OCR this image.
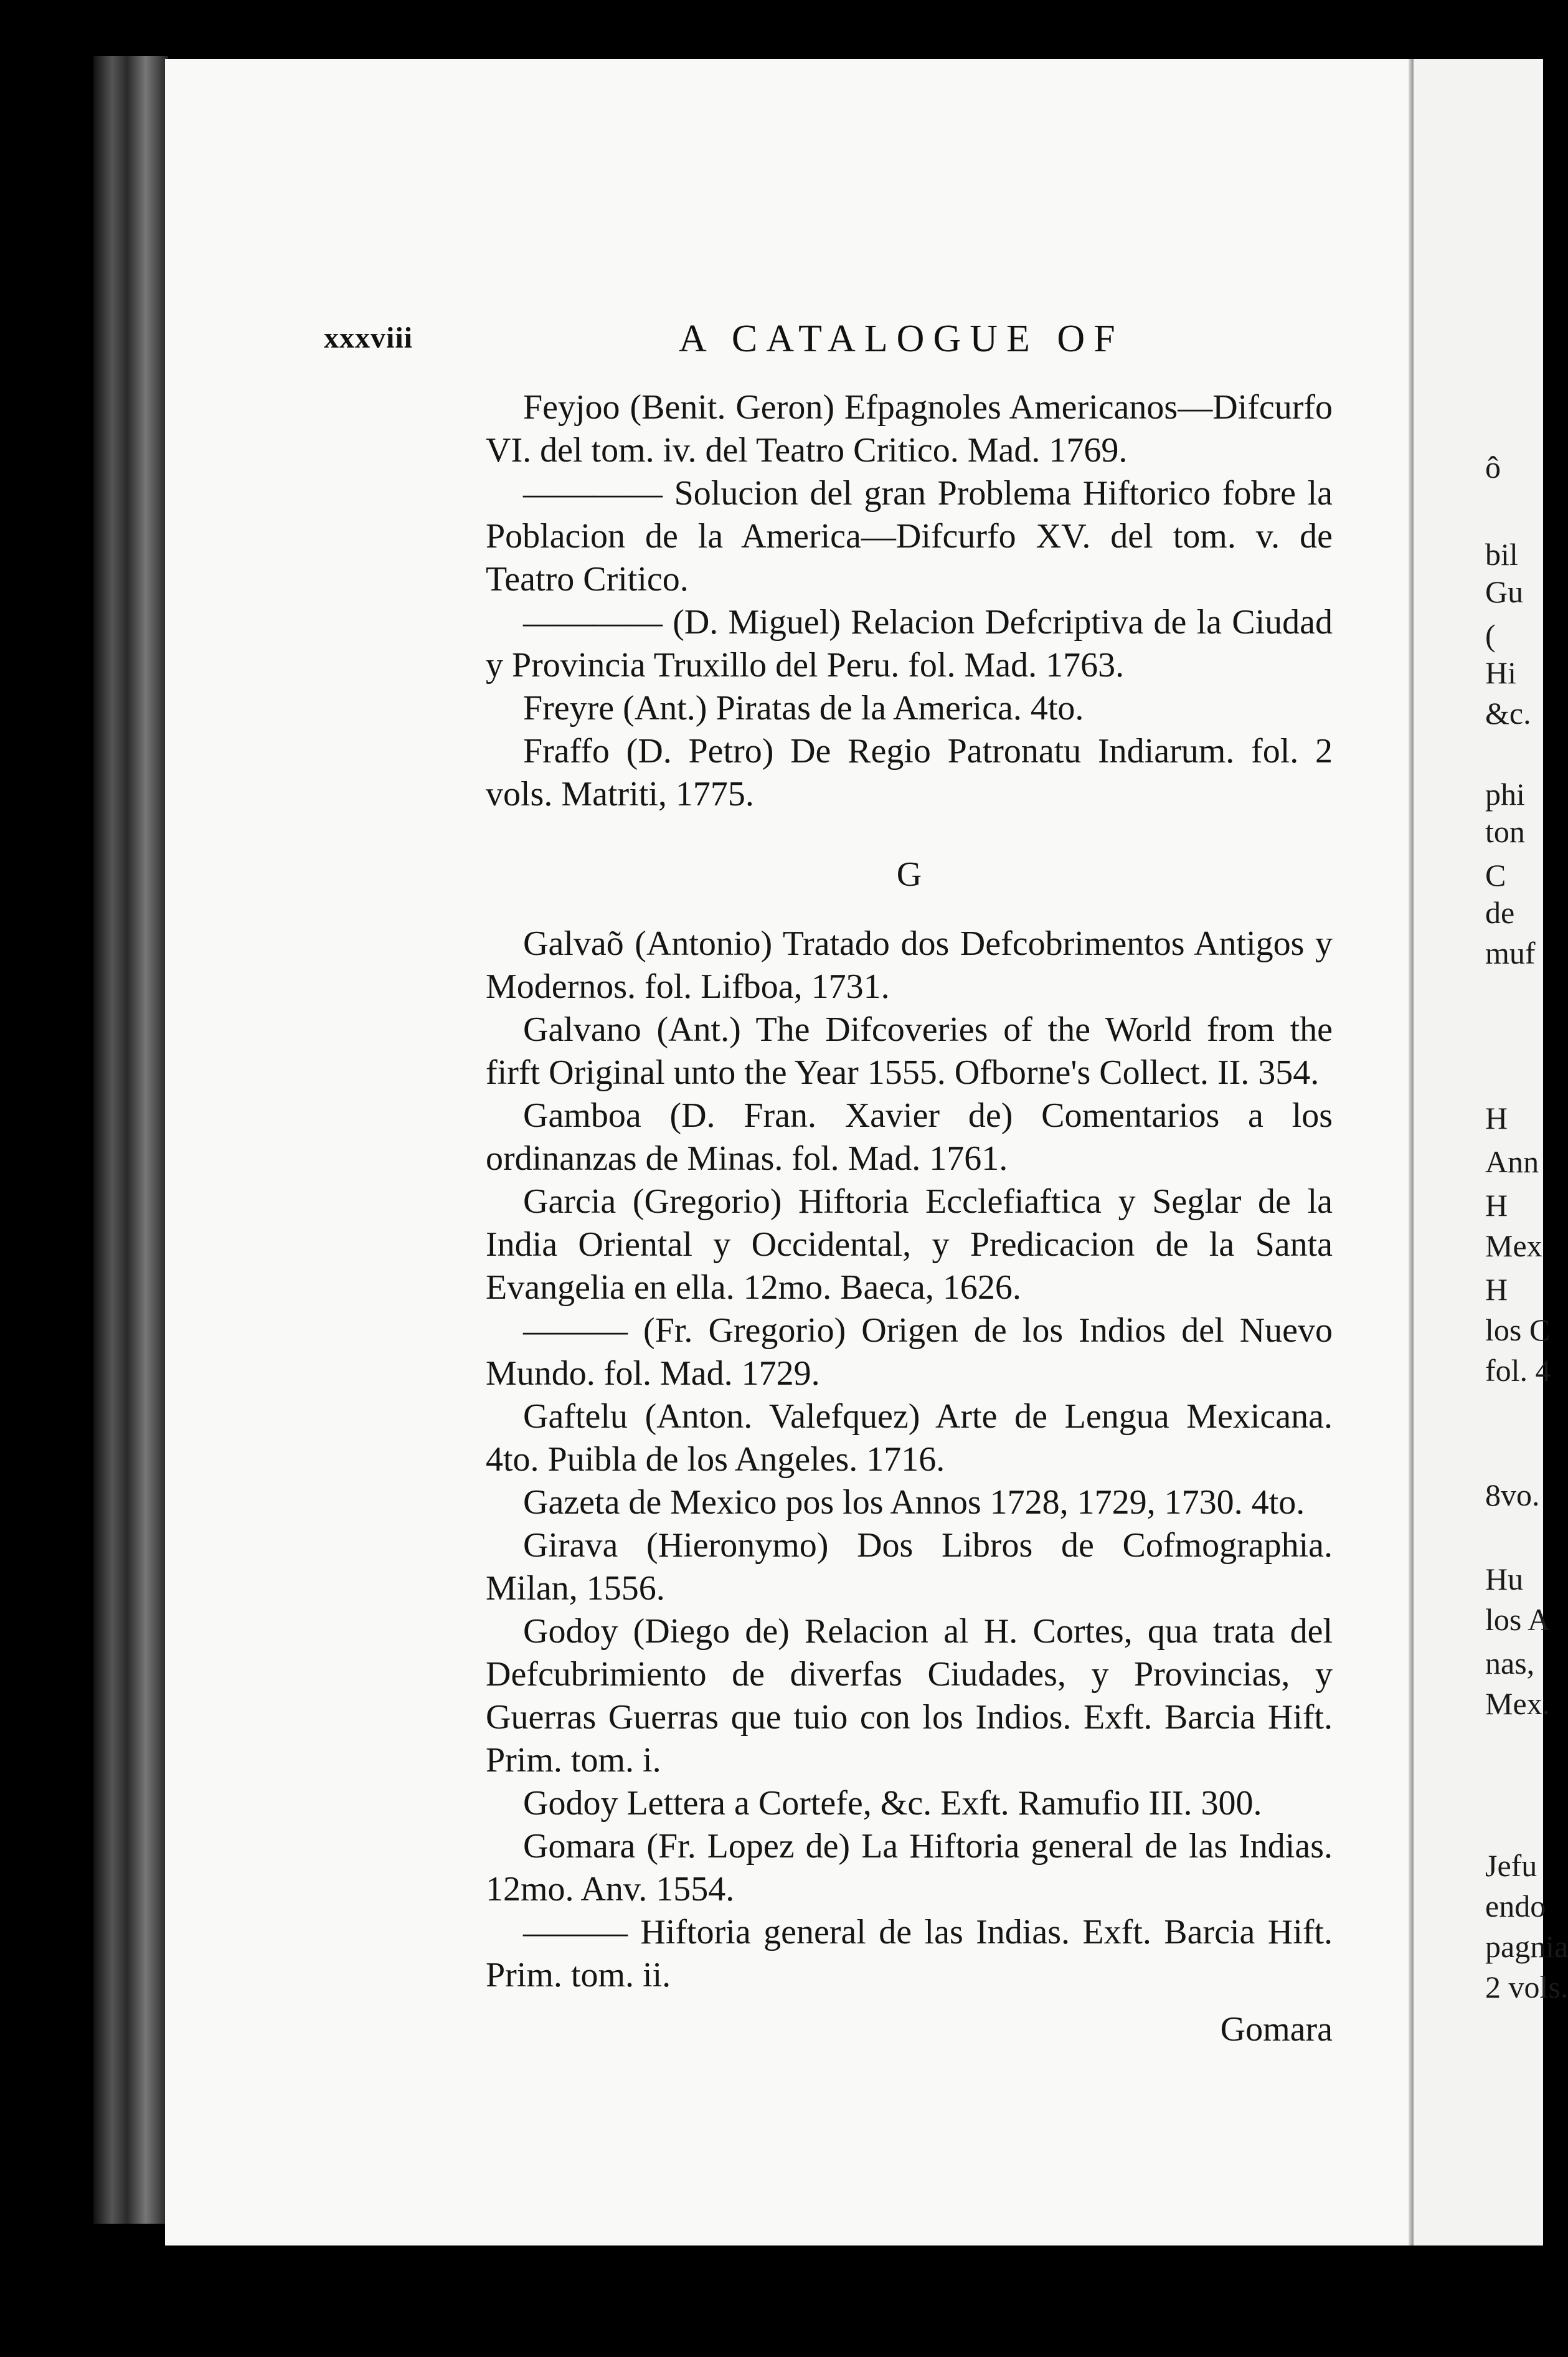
xxxviii	A CATALOGUE OF

Feyjoo (Benit. Geron) Efpagnoles Americanos—Difcurfo VI. del tom. iv. del Teatro Critico. Mad. 1769.

———— Solucion del gran Problema Hiftorico fobre la Poblacion de la America—Difcurfo XV. del tom. v. de Teatro Critico.

———— (D. Miguel) Relacion Defcriptiva de la Ciudad y Provincia Truxillo del Peru. fol. Mad. 1763.

Freyre (Ant.) Piratas de la America. 4to.

Fraffo (D. Petro) De Regio Patronatu Indiarum. fol. 2 vols. Matriti, 1775.

G

Galvaõ (Antonio) Tratado dos Defcobrimentos Antigos y Modernos. fol. Lifboa, 1731.

Galvano (Ant.) The Difcoveries of the World from the firft Original unto the Year 1555. Ofborne's Collect. II. 354.

Gamboa (D. Fran. Xavier de) Comentarios a los ordinanzas de Minas. fol. Mad. 1761.

Garcia (Gregorio) Hiftoria Ecclefiaftica y Seglar de la India Oriental y Occidental, y Predicacion de la Santa Evangelia en ella. 12mo. Baeca, 1626.

——— (Fr. Gregorio) Origen de los Indios del Nuevo Mundo. fol. Mad. 1729.

Gaftelu (Anton. Valefquez) Arte de Lengua Mexicana. 4to. Puibla de los Angeles. 1716.

Gazeta de Mexico pos los Annos 1728, 1729, 1730. 4to.

Girava (Hieronymo) Dos Libros de Cofmographia. Milan, 1556.

Godoy (Diego de) Relacion al H. Cortes, qua trata del Defcubrimiento de diverfas Ciudades, y Provincias, y Guerras Guerras que tuio con los Indios. Exft. Barcia Hift. Prim. tom. i.

Godoy Lettera a Cortefe, &c. Exft. Ramufio III. 300.

Gomara (Fr. Lopez de) La Hiftoria general de las Indias. 12mo. Anv. 1554.

——— Hiftoria general de las Indias. Exft. Barcia Hift. Prim. tom. ii.

Gomara
ô
bil
Gu
(
Hi
&c.
phi
ton
C
de
muf
H
Ann
H
Mex
H
los C
fol. 4
8vo.
Hu
los A
nas,
Mex.
Jefu
endo
pagnia
2 vols.
